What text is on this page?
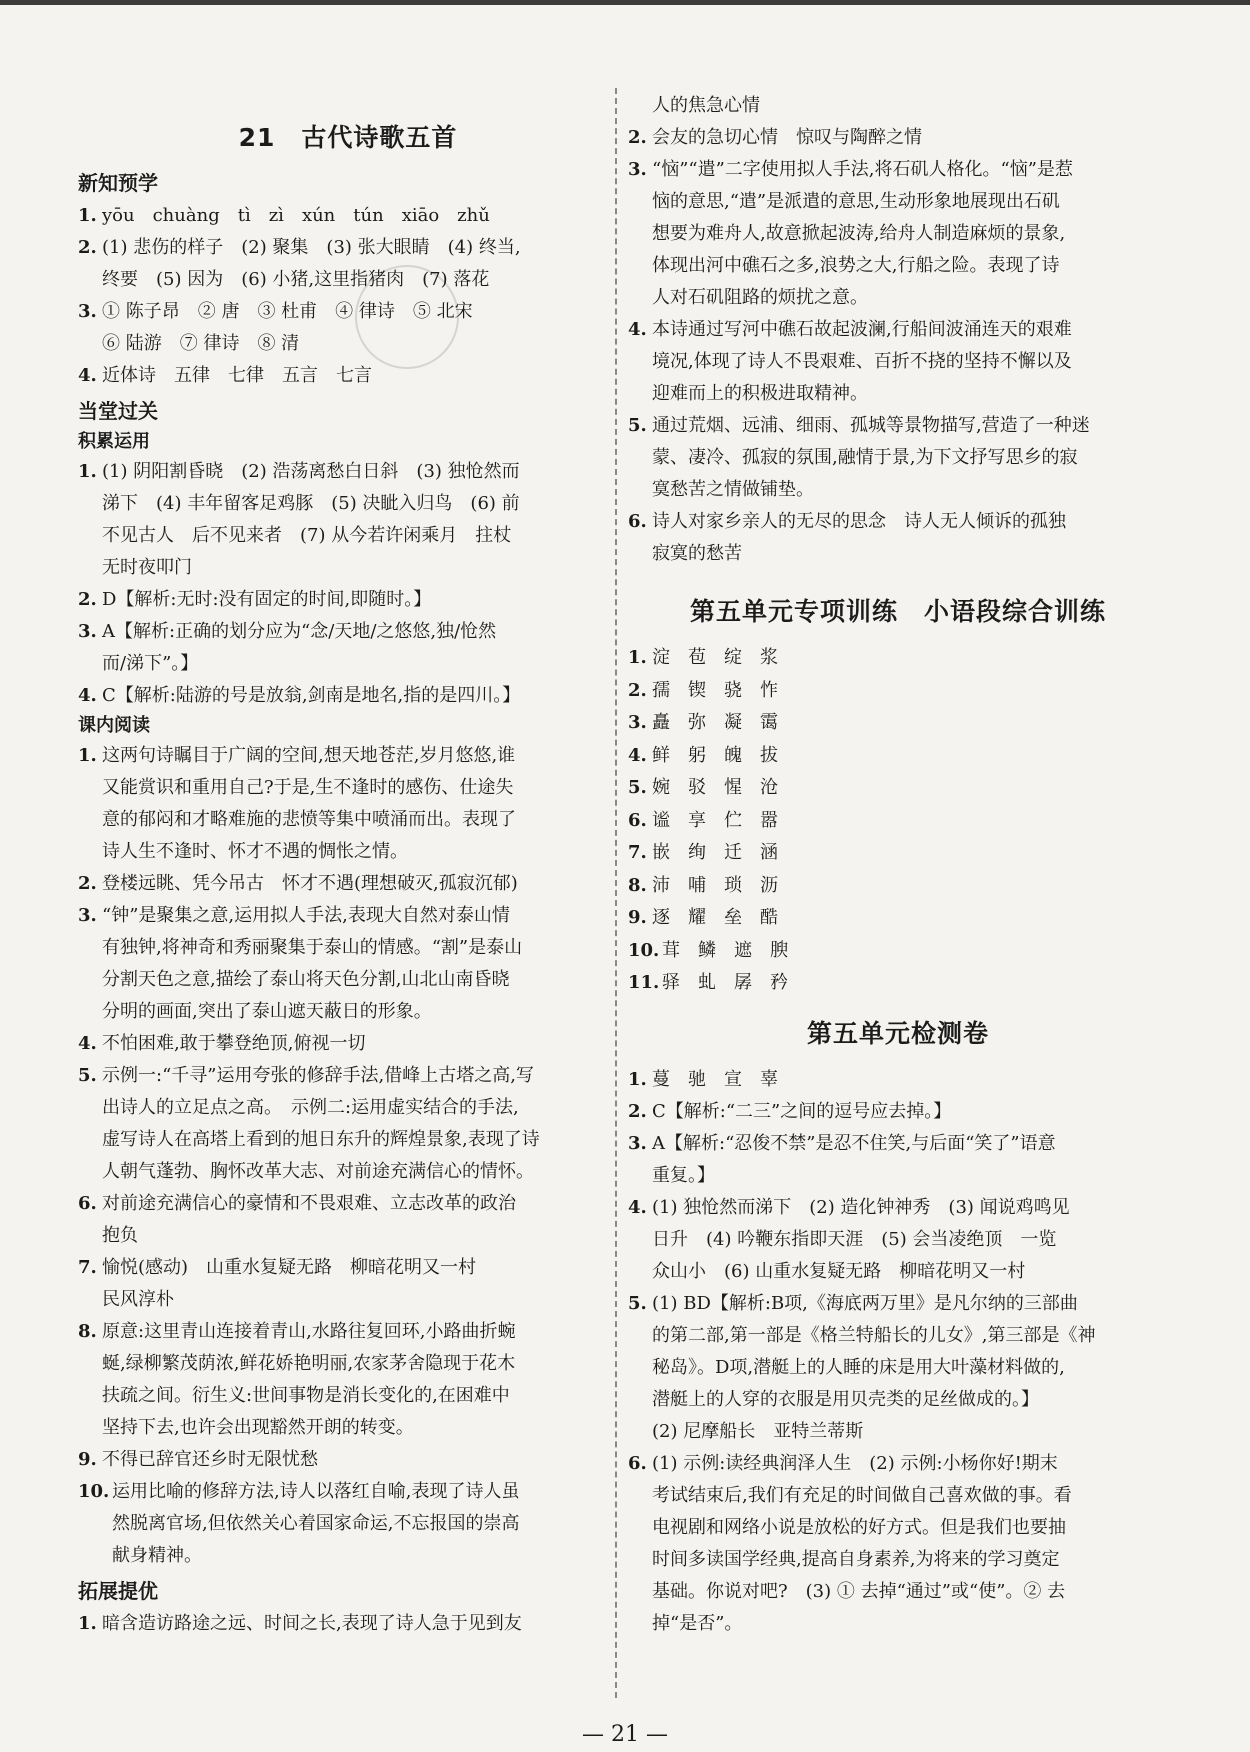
21　古代诗歌五首
新知预学
1. yōu　chuàng　tì　zì　xún　tún　xiāo　zhǔ
2. (1) 悲伤的样子　(2) 聚集　(3) 张大眼睛　(4) 终当,
终要　(5) 因为　(6) 小猪,这里指猪肉　(7) 落花
3. ① 陈子昂　② 唐　③ 杜甫　④ 律诗　⑤ 北宋
⑥ 陆游　⑦ 律诗　⑧ 清
4. 近体诗　五律　七律　五言　七言
当堂过关
积累运用
1. (1) 阴阳割昏晓　(2) 浩荡离愁白日斜　(3) 独怆然而
涕下　(4) 丰年留客足鸡豚　(5) 决眦入归鸟　(6) 前
不见古人　后不见来者　(7) 从今若许闲乘月　拄杖
无时夜叩门
2. D【解析:无时:没有固定的时间,即随时。】
3. A【解析:正确的划分应为“念/天地/之悠悠,独/怆然
而/涕下”。】
4. C【解析:陆游的号是放翁,剑南是地名,指的是四川。】
课内阅读
1. 这两句诗瞩目于广阔的空间,想天地苍茫,岁月悠悠,谁
又能赏识和重用自己?于是,生不逢时的感伤、仕途失
意的郁闷和才略难施的悲愤等集中喷涌而出。表现了
诗人生不逢时、怀才不遇的惆怅之情。
2. 登楼远眺、凭今吊古　怀才不遇(理想破灭,孤寂沉郁)
3. “钟”是聚集之意,运用拟人手法,表现大自然对泰山情
有独钟,将神奇和秀丽聚集于泰山的情感。“割”是泰山
分割天色之意,描绘了泰山将天色分割,山北山南昏晓
分明的画面,突出了泰山遮天蔽日的形象。
4. 不怕困难,敢于攀登绝顶,俯视一切
5. 示例一:“千寻”运用夸张的修辞手法,借峰上古塔之高,写
出诗人的立足点之高。　示例二:运用虚实结合的手法,
虚写诗人在高塔上看到的旭日东升的辉煌景象,表现了诗
人朝气蓬勃、胸怀改革大志、对前途充满信心的情怀。
6. 对前途充满信心的豪情和不畏艰难、立志改革的政治
抱负
7. 愉悦(感动)　山重水复疑无路　柳暗花明又一村
民风淳朴
8. 原意:这里青山连接着青山,水路往复回环,小路曲折蜿
蜒,绿柳繁茂荫浓,鲜花娇艳明丽,农家茅舍隐现于花木
扶疏之间。衍生义:世间事物是消长变化的,在困难中
坚持下去,也许会出现豁然开朗的转变。
9. 不得已辞官还乡时无限忧愁
10. 运用比喻的修辞方法,诗人以落红自喻,表现了诗人虽
然脱离官场,但依然关心着国家命运,不忘报国的崇高
献身精神。
拓展提优
1. 暗含造访路途之远、时间之长,表现了诗人急于见到友
人的焦急心情
2. 会友的急切心情　惊叹与陶醉之情
3. “恼”“遣”二字使用拟人手法,将石矶人格化。“恼”是惹
恼的意思,“遣”是派遣的意思,生动形象地展现出石矶
想要为难舟人,故意掀起波涛,给舟人制造麻烦的景象,
体现出河中礁石之多,浪势之大,行船之险。表现了诗
人对石矶阻路的烦扰之意。
4. 本诗通过写河中礁石故起波澜,行船间波涌连天的艰难
境况,体现了诗人不畏艰难、百折不挠的坚持不懈以及
迎难而上的积极进取精神。
5. 通过荒烟、远浦、细雨、孤城等景物描写,营造了一种迷
蒙、凄冷、孤寂的氛围,融情于景,为下文抒写思乡的寂
寞愁苦之情做铺垫。
6. 诗人对家乡亲人的无尽的思念　诗人无人倾诉的孤独
寂寞的愁苦
第五单元专项训练　小语段综合训练
1. 淀　苞　绽　浆
2. 孺　锲　骁　怍
3. 矗　弥　凝　霭
4. 鲜　躬　魄　拔
5. 婉　驳　惺　沧
6. 谧　享　伫　嚣
7. 嵌　绚　迁　涵
8. 沛　哺　琐　沥
9. 逐　耀　垒　酷
10. 茸　鳞　遮　腴
11. 驿　虬　孱　矜
第五单元检测卷
1. 蔓　驰　宣　辜
2. C【解析:“二三”之间的逗号应去掉。】
3. A【解析:“忍俊不禁”是忍不住笑,与后面“笑了”语意
重复。】
4. (1) 独怆然而涕下　(2) 造化钟神秀　(3) 闻说鸡鸣见
日升　(4) 吟鞭东指即天涯　(5) 会当凌绝顶　一览
众山小　(6) 山重水复疑无路　柳暗花明又一村
5. (1) BD【解析:B项,《海底两万里》是凡尔纳的三部曲
的第二部,第一部是《格兰特船长的儿女》,第三部是《神
秘岛》。D项,潜艇上的人睡的床是用大叶藻材料做的,
潜艇上的人穿的衣服是用贝壳类的足丝做成的。】
(2) 尼摩船长　亚特兰蒂斯
6. (1) 示例:读经典润泽人生　(2) 示例:小杨你好!期末
考试结束后,我们有充足的时间做自己喜欢做的事。看
电视剧和网络小说是放松的好方式。但是我们也要抽
时间多读国学经典,提高自身素养,为将来的学习奠定
基础。你说对吧?　(3) ① 去掉“通过”或“使”。② 去
掉“是否”。
— 21 —
